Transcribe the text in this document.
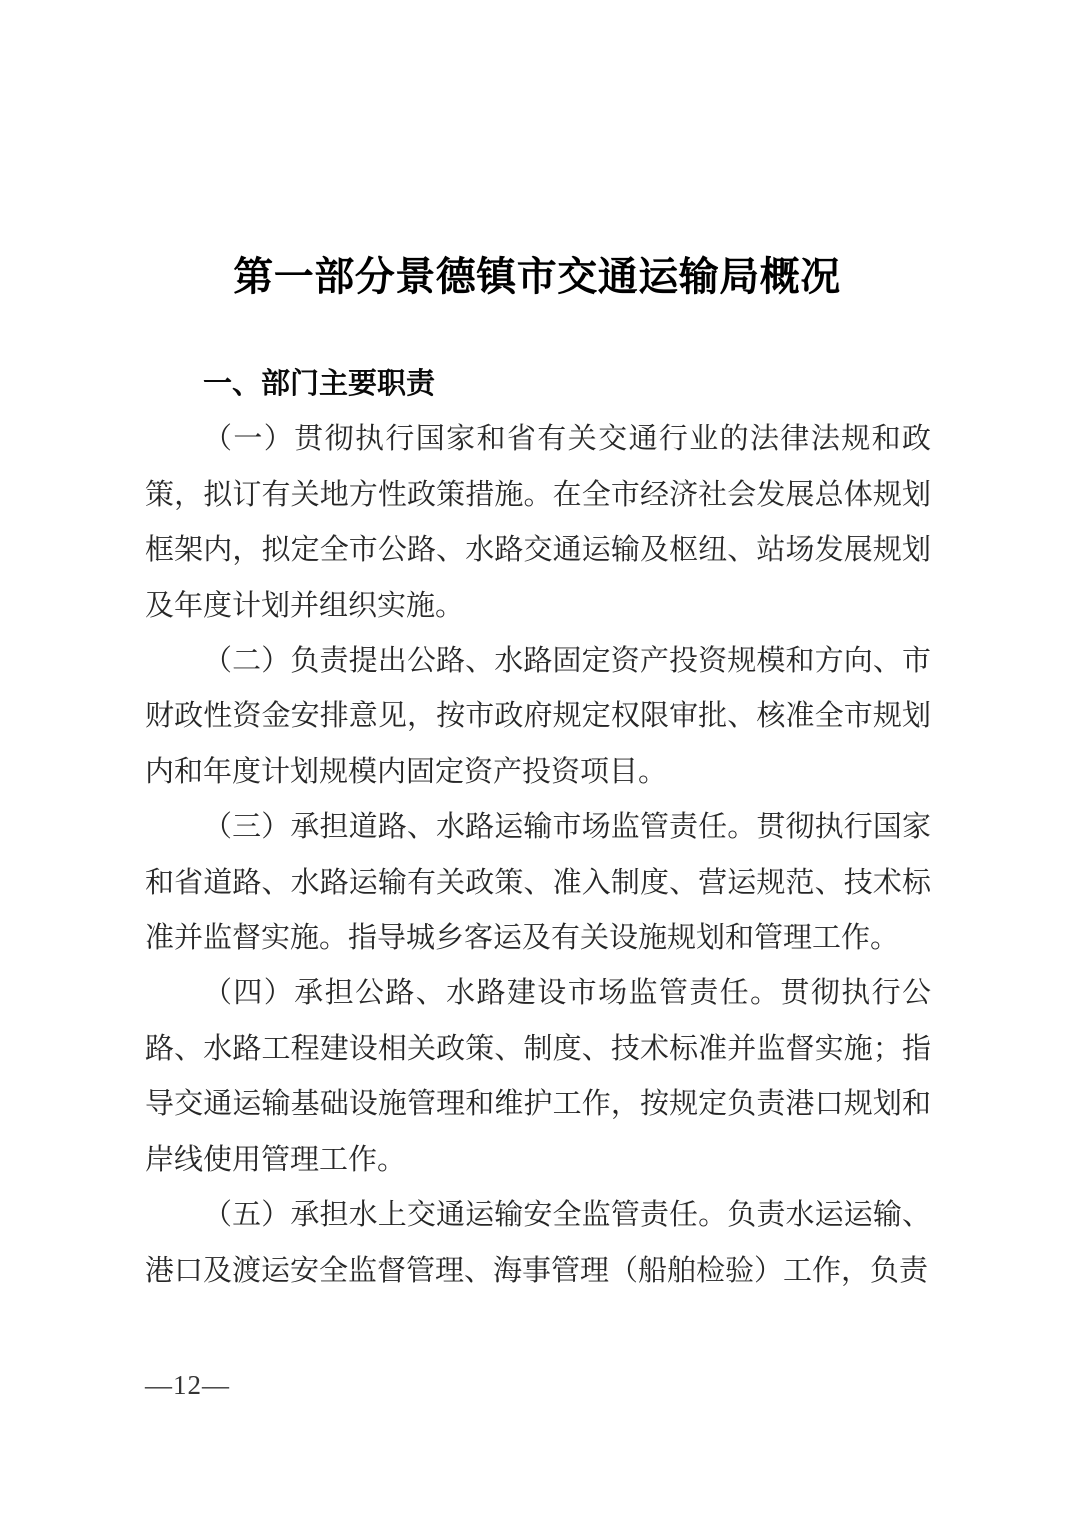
第一部分景德镇市交通运输局概况
一、部门主要职责

（一）贯彻执行国家和省有关交通行业的法律法规和政策，拟订有关地方性政策措施。在全市经济社会发展总体规划框架内，拟定全市公路、水路交通运输及枢纽、站场发展规划及年度计划并组织实施。

（二）负责提出公路、水路固定资产投资规模和方向、市财政性资金安排意见，按市政府规定权限审批、核准全市规划内和年度计划规模内固定资产投资项目。

（三）承担道路、水路运输市场监管责任。贯彻执行国家和省道路、水路运输有关政策、准入制度、营运规范、技术标准并监督实施。指导城乡客运及有关设施规划和管理工作。

（四）承担公路、水路建设市场监管责任。贯彻执行公路、水路工程建设相关政策、制度、技术标准并监督实施；指导交通运输基础设施管理和维护工作，按规定负责港口规划和岸线使用管理工作。

（五）承担水上交通运输安全监管责任。负责水运运输、港口及渡运安全监督管理、海事管理（船舶检验）工作，负责

—12—
